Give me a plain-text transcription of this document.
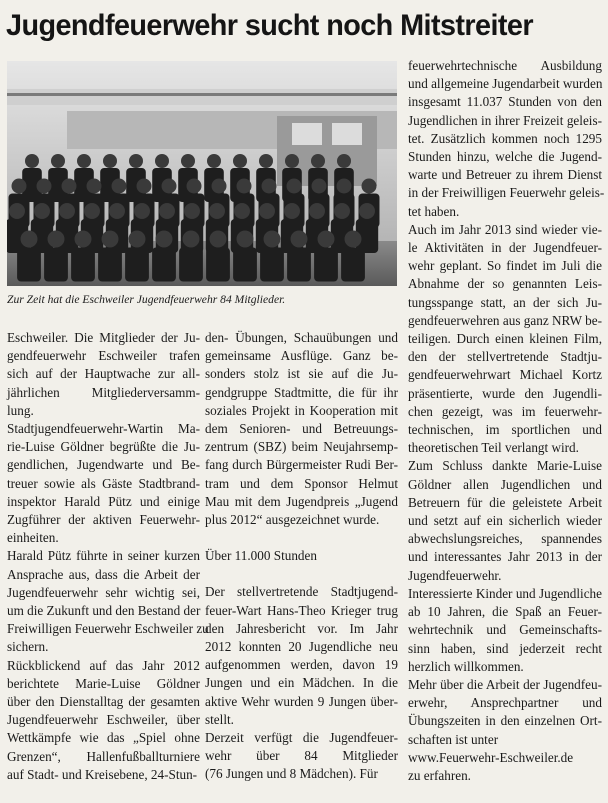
Jugendfeuerwehr sucht noch Mitstreiter
Zur Zeit hat die Eschweiler Jugendfeuerwehr 84 Mitglieder.
Eschweiler. Die Mitglieder der Ju-
gendfeuerwehr Eschweiler trafen
sich auf der Hauptwache zur all-
jährlichen Mitgliederversamm-
lung.
Stadtjugendfeuerwehr-Wartin Ma-
rie-Luise Göldner begrüßte die Ju-
gendlichen, Jugendwarte und Be-
treuer sowie als Gäste Stadtbrand-
inspektor Harald Pütz und einige
Zugführer der aktiven Feuerwehr-
einheiten.
Harald Pütz führte in seiner kurzen
Ansprache aus, dass die Arbeit der
Jugendfeuerwehr sehr wichtig sei,
um die Zukunft und den Bestand der
Freiwilligen Feuerwehr Eschweiler zu
sichern.
Rückblickend auf das Jahr 2012
berichtete Marie-Luise Göldner
über den Dienstalltag der gesamten
Jugendfeuerwehr Eschweiler, über
Wettkämpfe wie das „Spiel ohne
Grenzen“, Hallenfußballturniere
auf Stadt- und Kreisebene, 24-Stun-
den- Übungen, Schauübungen und
gemeinsame Ausflüge. Ganz be-
sonders stolz ist sie auf die Ju-
gendgruppe Stadtmitte, die für ihr
soziales Projekt in Kooperation mit
dem Senioren- und Betreuungs-
zentrum (SBZ) beim Neujahrsemp-
fang durch Bürgermeister Rudi Ber-
tram und dem Sponsor Helmut
Mau mit dem Jugendpreis „Jugend
plus 2012“ ausgezeichnet wurde.
Über 11.000 Stunden
Der stellvertretende Stadtjugend-
feuer-Wart Hans-Theo Krieger trug
den Jahresbericht vor. Im Jahr
2012 konnten 20 Jugendliche neu
aufgenommen werden, davon 19
Jungen und ein Mädchen. In die
aktive Wehr wurden 9 Jungen über-
stellt.
Derzeit verfügt die Jugendfeuer-
wehr über 84 Mitglieder
(76 Jungen und 8 Mädchen). Für
feuerwehrtechnische Ausbildung
und allgemeine Jugendarbeit wurden
insgesamt 11.037 Stunden von den
Jugendlichen in ihrer Freizeit geleis-
tet. Zusätzlich kommen noch 1295
Stunden hinzu, welche die Jugend-
warte und Betreuer zu ihrem Dienst
in der Freiwilligen Feuerwehr geleis-
tet haben.
Auch im Jahr 2013 sind wieder vie-
le Aktivitäten in der Jugendfeuer-
wehr geplant. So findet im Juli die
Abnahme der so genannten Leis-
tungsspange statt, an der sich Ju-
gendfeuerwehren aus ganz NRW be-
teiligen. Durch einen kleinen Film,
den der stellvertretende Stadtju-
gendfeuerwehrwart Michael Kortz
präsentierte, wurde den Jugendli-
chen gezeigt, was im feuerwehr-
technischen, im sportlichen und
theoretischen Teil verlangt wird.
Zum Schluss dankte Marie-Luise
Göldner allen Jugendlichen und
Betreuern für die geleistete Arbeit
und setzt auf ein sicherlich wieder
abwechslungsreiches, spannendes
und interessantes Jahr 2013 in der
Jugendfeuerwehr.
Interessierte Kinder und Jugendliche
ab 10 Jahren, die Spaß an Feuer-
wehrtechnik und Gemeinschafts-
sinn haben, sind jederzeit recht
herzlich willkommen.
Mehr über die Arbeit der Jugendfeu-
erwehr, Ansprechpartner und
Übungszeiten in den einzelnen Ort-
schaften ist unter
www.Feuerwehr-Eschweiler.de
zu erfahren.
